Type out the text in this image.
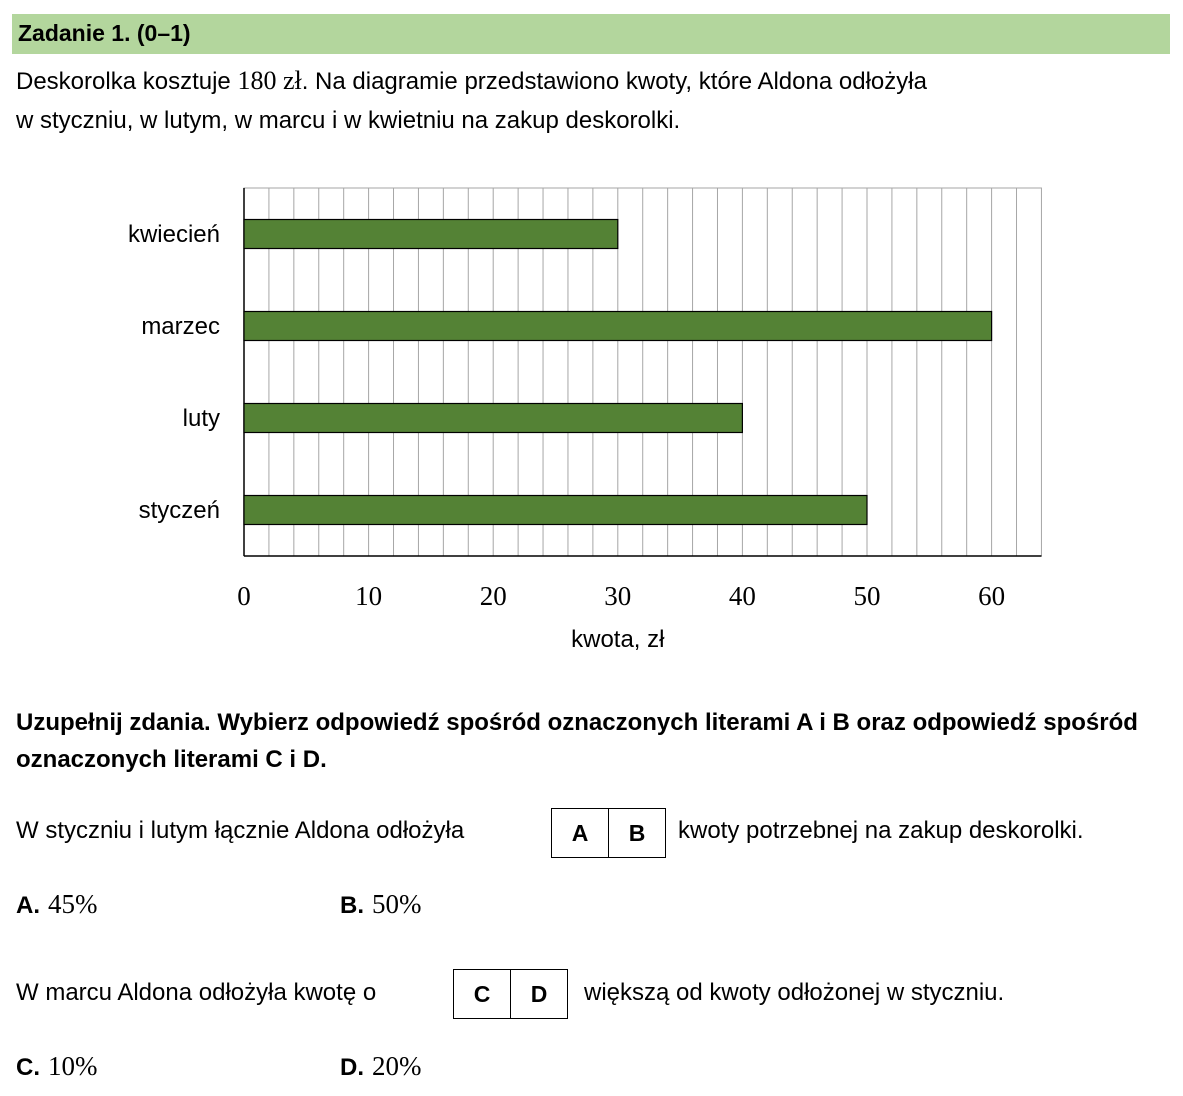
Zadanie 1. (0–1)
Deskorolka kosztuje 180 zł. Na diagramie przedstawiono kwoty, które Aldona odłożyła
w styczniu, w lutym, w marcu i w kwietniu na zakup deskorolki.
styczeń
luty
marzec
kwiecień
0	10	20	30	40	50	60
kwota, zł
Uzupełnij zdania. Wybierz odpowiedź spośród oznaczonych literami A i B oraz odpowiedź spośród oznaczonych literami C i D.
W styczniu i lutym łącznie Aldona odłożyła	A	B	kwoty potrzebnej na zakup deskorolki.
A. 45%	B. 50%
W marcu Aldona odłożyła kwotę o	C	D	większą od kwoty odłożonej w styczniu.
C. 10%	D. 20%
